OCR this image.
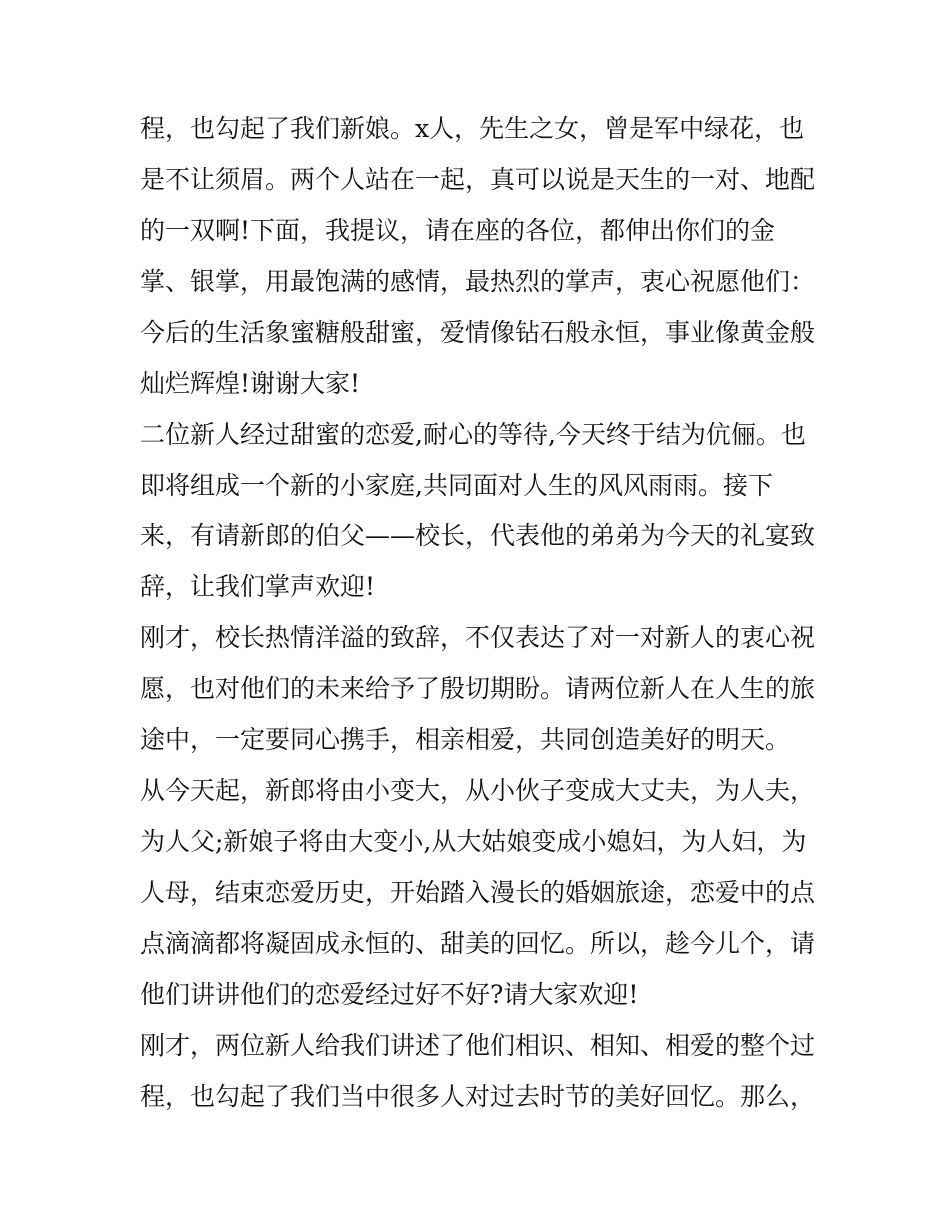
程，也勾起了我们新娘。x人，先生之女，曾是军中绿花，也
是不让须眉。两个人站在一起，真可以说是天生的一对、地配
的一双啊!下面，我提议，请在座的各位，都伸出你们的金
掌、银掌，用最饱满的感情，最热烈的掌声，衷心祝愿他们：
今后的生活象蜜糖般甜蜜，爱情像钻石般永恒，事业像黄金般
灿烂辉煌!谢谢大家!
二位新人经过甜蜜的恋爱,耐心的等待,今天终于结为伉俪。也
即将组成一个新的小家庭,共同面对人生的风风雨雨。接下
来，有请新郎的伯父——校长，代表他的弟弟为今天的礼宴致
辞，让我们掌声欢迎!
刚才，校长热情洋溢的致辞，不仅表达了对一对新人的衷心祝
愿，也对他们的未来给予了殷切期盼。请两位新人在人生的旅
途中，一定要同心携手，相亲相爱，共同创造美好的明天。
从今天起，新郎将由小变大，从小伙子变成大丈夫，为人夫，
为人父;新娘子将由大变小,从大姑娘变成小媳妇，为人妇，为
人母，结束恋爱历史，开始踏入漫长的婚姻旅途，恋爱中的点
点滴滴都将凝固成永恒的、甜美的回忆。所以，趁今儿个，请
他们讲讲他们的恋爱经过好不好?请大家欢迎!
刚才，两位新人给我们讲述了他们相识、相知、相爱的整个过
程，也勾起了我们当中很多人对过去时节的美好回忆。那么，
